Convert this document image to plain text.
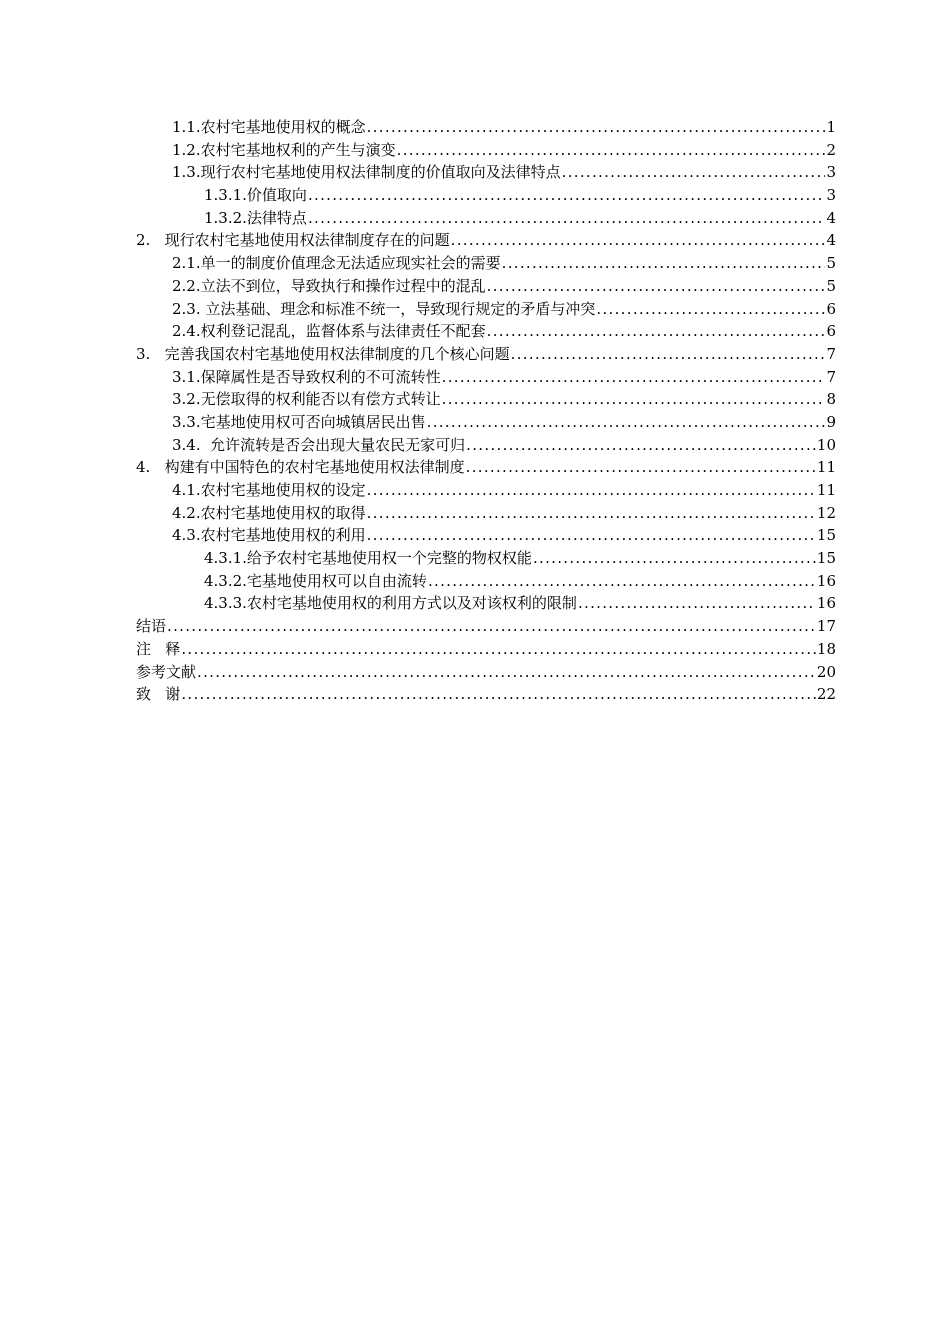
1.1.农村宅基地使用权的概念 .....	1
1.2.农村宅基地权利的产生与演变 .....	2
1.3.现行农村宅基地使用权法律制度的价值取向及法律特点 .....	3
1.3.1.价值取向 .....	3
1.3.2.法律特点 .....	4
2.   现行农村宅基地使用权法律制度存在的问题 .....	4
2.1.单一的制度价值理念无法适应现实社会的需要 .....	5
2.2.立法不到位，导致执行和操作过程中的混乱 .....	5
2.3. 立法基础、理念和标准不统一，导致现行规定的矛盾与冲突 .....	6
2.4.权利登记混乱，监督体系与法律责任不配套 .....	6
3.   完善我国农村宅基地使用权法律制度的几个核心问题 .....	7
3.1.保障属性是否导致权利的不可流转性 .....	7
3.2.无偿取得的权利能否以有偿方式转让 .....	8
3.3.宅基地使用权可否向城镇居民出售 .....	9
3.4.  允许流转是否会出现大量农民无家可归 .....	10
4.   构建有中国特色的农村宅基地使用权法律制度 .....	11
4.1.农村宅基地使用权的设定 .....	11
4.2.农村宅基地使用权的取得 .....	12
4.3.农村宅基地使用权的利用 .....	15
4.3.1.给予农村宅基地使用权一个完整的物权权能 .....	15
4.3.2.宅基地使用权可以自由流转 .....	16
4.3.3.农村宅基地使用权的利用方式以及对该权利的限制 .....	16
结语 .....	17
注   释 .....	18
参考文献 .....	20
致   谢 .....	22
